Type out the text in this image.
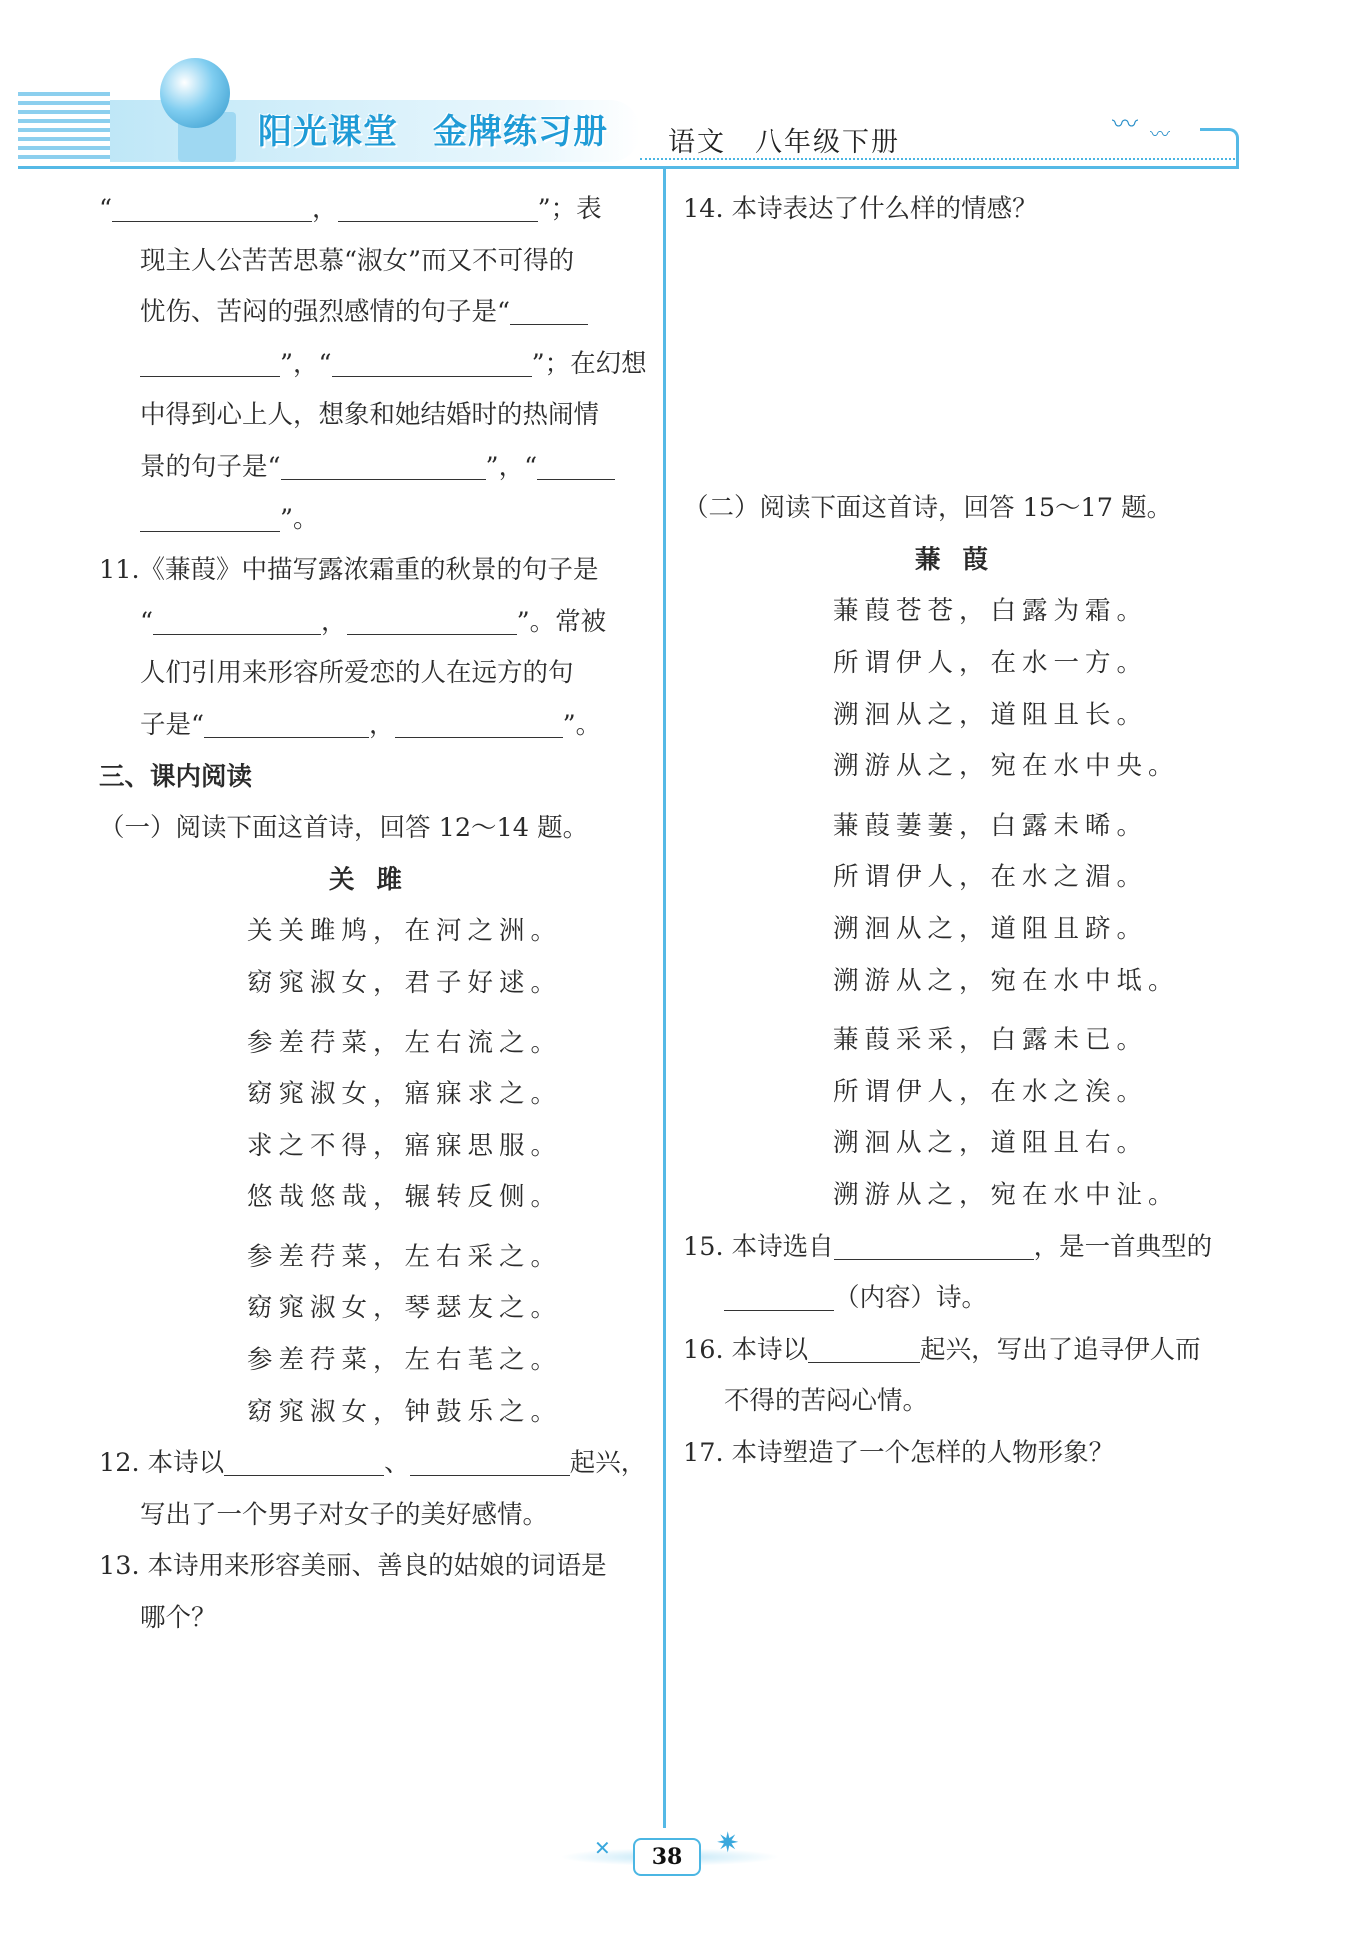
阳光课堂　金牌练习册 语文　八年级下册
〰 〰

“	，	”；表

现主人公苦苦思慕“淑女”而又不可得的

忧伤、苦闷的强烈感情的句子是“

”，“	”；在幻想

中得到心上人，想象和她结婚时的热闹情

景的句子是“	”，“

”。

11.《蒹葭》中描写露浓霜重的秋景的句子是

“	，	”。常被

人们引用来形容所爱恋的人在远方的句

子是“	，	”。

三、课内阅读

（一）阅读下面这首诗，回答 12～14 题。

关雎

关关雎鸠，在河之洲。

窈窕淑女，君子好逑。

参差荇菜，左右流之。

窈窕淑女，寤寐求之。

求之不得，寤寐思服。

悠哉悠哉，辗转反侧。

参差荇菜，左右采之。

窈窕淑女，琴瑟友之。

参差荇菜，左右芼之。

窈窕淑女，钟鼓乐之。

12. 本诗以	、	起兴，

写出了一个男子对女子的美好感情。

13. 本诗用来形容美丽、善良的姑娘的词语是

哪个？

14. 本诗表达了什么样的情感？

（二）阅读下面这首诗，回答 15～17 题。

蒹葭

蒹葭苍苍，白露为霜。

所谓伊人，在水一方。

溯洄从之，道阻且长。

溯游从之，宛在水中央。

蒹葭萋萋，白露未晞。

所谓伊人，在水之湄。

溯洄从之，道阻且跻。

溯游从之，宛在水中坻。

蒹葭采采，白露未已。

所谓伊人，在水之涘。

溯洄从之，道阻且右。

溯游从之，宛在水中沚。

15. 本诗选自	，是一首典型的

（内容）诗。

16. 本诗以	起兴，写出了追寻伊人而

不得的苦闷心情。

17. 本诗塑造了一个怎样的人物形象？

✕	✷
38
